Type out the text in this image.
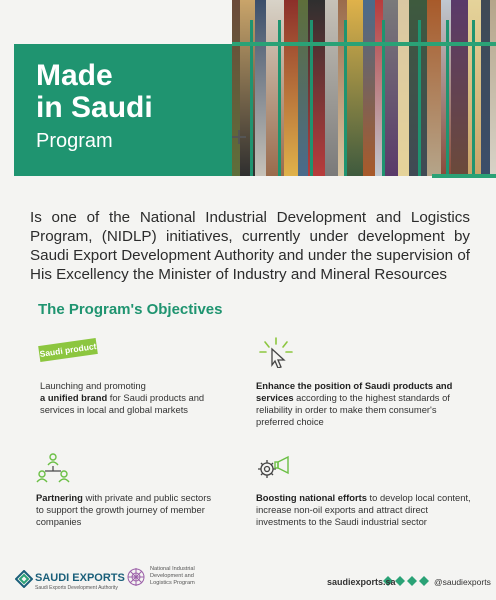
Made
in Saudi
Program
Is one of the National Industrial Development and Logistics Program, (NIDLP) initiatives, currently under development by Saudi Export Development Authority and under the supervision of His Excellency the Minister of Industry and Mineral Resources
The Program's Objectives
Saudi product
Launching and promoting
a unified brand for Saudi products and services in local and global markets
Enhance the position of Saudi products and services according to the highest standards of reliability in order to make them consumer's preferred choice
Partnering with private and public sectors to support the growth journey of member companies
Boosting national efforts to develop local content, increase non-oil exports and attract direct investments to the Saudi industrial sector
SAUDI EXPORTS
Saudi Exports Development Authority
National Industrial
Development and
Logistics Program	saudiexports.sa	@saudiexports
